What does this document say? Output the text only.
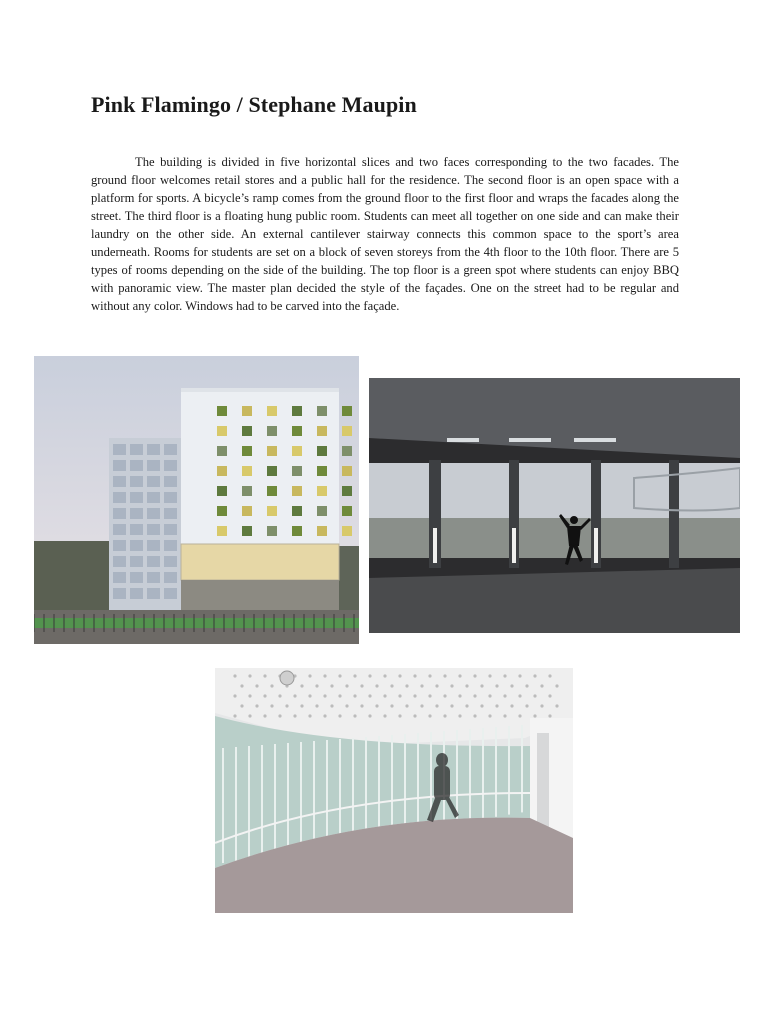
Pink Flamingo / Stephane Maupin

The building is divided in five horizontal slices and two faces corresponding to the two facades. The ground floor welcomes retail stores and a public hall for the residence. The second floor is an open space with a platform for sports. A bicycle’s ramp comes from the ground floor to the first floor and wraps the facades along the street. The third floor is a floating hung public room. Students can meet all together on one side and can make their laundry on the other side. An external cantilever stairway connects this common space to the sport’s area underneath. Rooms for students are set on a block of seven storeys from the 4th floor to the 10th floor. There are 5 types of rooms depending on the side of the building. The top floor is a green spot where students can enjoy BBQ with panoramic view. The master plan decided the style of the façades. One on the street had to be regular and without any color. Windows had to be carved into the façade.
